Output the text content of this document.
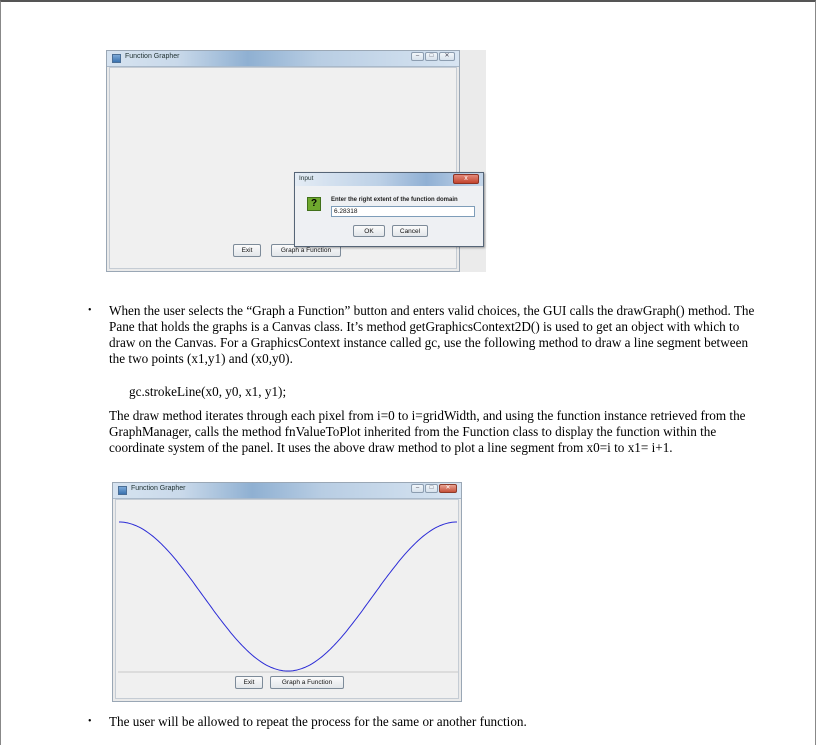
Function Grapher	–	□	✕
Exit	Graph a Function
Input	x
?	Enter the right extent of the function domain
6.28318
OK	Cancel
• When the user selects the “Graph a Function” button and enters valid choices, the GUI calls the drawGraph() method. The Pane that holds the graphs is a Canvas class. It’s method getGraphicsContext2D() is used to get an object with which to draw on the Canvas. For a GraphicsContext instance called gc, use the following method to draw a line segment between the two points (x1,y1) and (x0,y0).

gc.strokeLine(x0, y0, x1, y1);

The draw method iterates through each pixel from i=0 to i=gridWidth, and using the function instance retrieved from the GraphManager, calls the method fnValueToPlot inherited from the Function class to display the function within the coordinate system of the panel. It uses the above draw method to plot a line segment from x0=i to x1= i+1.

Function Grapher	–	□	✕
Exit	Graph a Function
• The user will be allowed to repeat the process for the same or another function.
